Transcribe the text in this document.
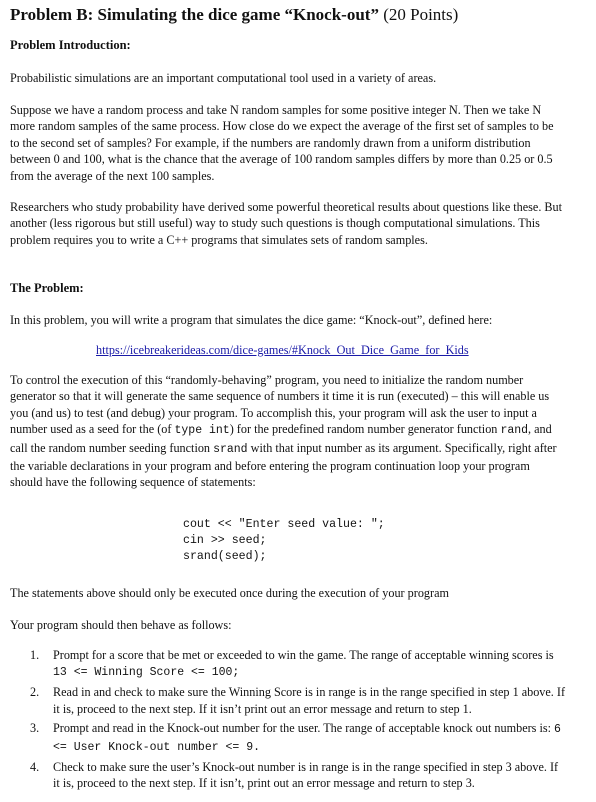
Problem B: Simulating the dice game “Knock-out” (20 Points)
Problem Introduction:

Probabilistic simulations are an important computational tool used in a variety of areas.

Suppose we have a random process and take N random samples for some positive integer N. Then we take N more random samples of the same process. How close do we expect the average of the first set of samples to be to the second set of samples? For example, if the numbers are randomly drawn from a uniform distribution between 0 and 100, what is the chance that the average of 100 random samples differs by more than 0.25 or 0.5 from the average of the next 100 samples.

Researchers who study probability have derived some powerful theoretical results about questions like these. But another (less rigorous but still useful) way to study such questions is though computational simulations. This problem requires you to write a C++ programs that simulates sets of random samples.

The Problem:

In this problem, you will write a program that simulates the dice game: “Knock-out”, defined here:

https://icebreakerideas.com/dice-games/#Knock_Out_Dice_Game_for_Kids

To control the execution of this “randomly-behaving” program, you need to initialize the random number generator so that it will generate the same sequence of numbers it time it is run (executed) – this will enable us you (and us) to test (and debug) your program. To accomplish this, your program will ask the user to input a number used as a seed for the (of type int) for the predefined random number generator function rand, and call the random number seeding function srand with that input number as its argument. Specifically, right after the variable declarations in your program and before entering the program continuation loop your program should have the following sequence of statements:

cout << "Enter seed value: ";
cin >> seed;
srand(seed);

The statements above should only be executed once during the execution of your program

Your program should then behave as follows:

1. Prompt for a score that be met or exceeded to win the game. The range of acceptable winning scores is 13 <= Winning Score <= 100;
2. Read in and check to make sure the Winning Score is in range is in the range specified in step 1 above. If it is, proceed to the next step. If it isn’t print out an error message and return to step 1.
3. Prompt and read in the Knock-out number for the user. The range of acceptable knock out numbers is: 6 <= User Knock-out number <= 9.
4. Check to make sure the user’s Knock-out number is in range is in the range specified in step 3 above. If it is, proceed to the next step. If it isn’t, print out an error message and return to step 3.
